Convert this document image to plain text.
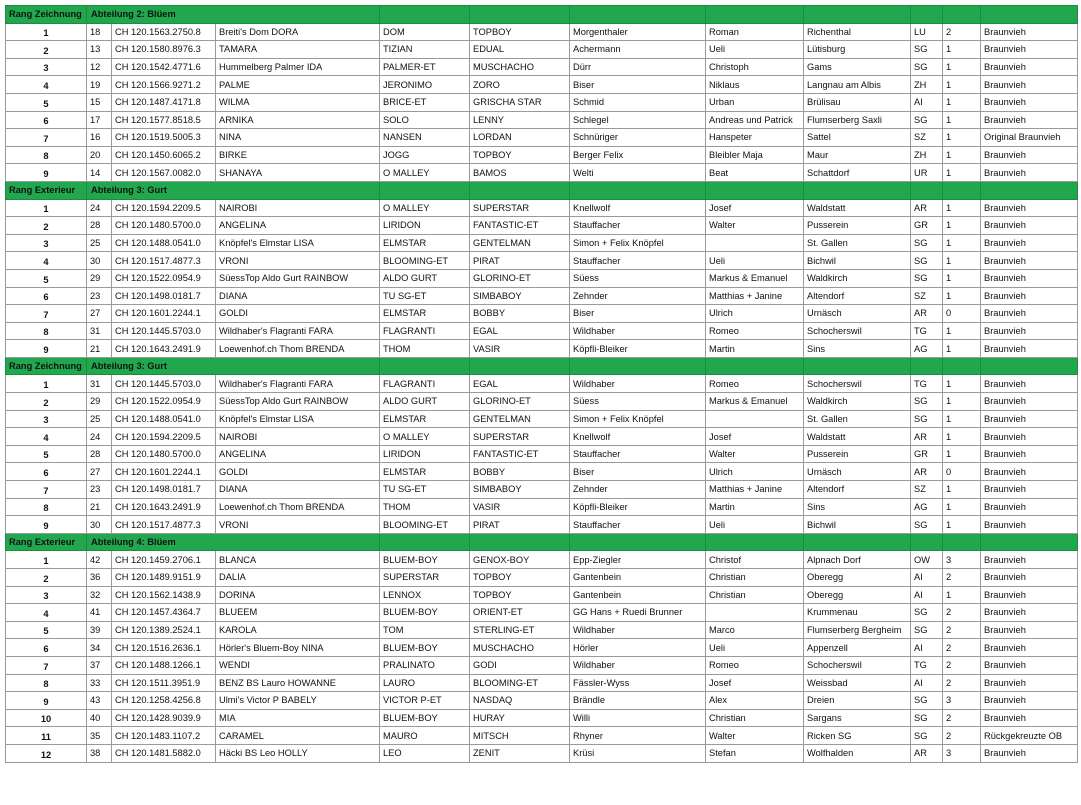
Rang Zeichnung	Abteilung 2: Blüem										
1	18	CH 120.1563.2750.8	Breiti's Dom DORA	DOM	TOPBOY	Morgenthaler	Roman	Richenthal	LU	2	Braunvieh
2	13	CH 120.1580.8976.3	TAMARA	TIZIAN	EDUAL	Achermann	Ueli	Lütisburg	SG	1	Braunvieh
3	12	CH 120.1542.4771.6	Hummelberg Palmer IDA	PALMER-ET	MUSCHACHO	Dürr	Christoph	Gams	SG	1	Braunvieh
4	19	CH 120.1566.9271.2	PALME	JERONIMO	ZORO	Biser	Niklaus	Langnau am Albis	ZH	1	Braunvieh
5	15	CH 120.1487.4171.8	WILMA	BRICE-ET	GRISCHA STAR	Schmid	Urban	Brülisau	AI	1	Braunvieh
6	17	CH 120.1577.8518.5	ARNIKA	SOLO	LENNY	Schlegel	Andreas und Patrick	Flumserberg Saxli	SG	1	Braunvieh
7	16	CH 120.1519.5005.3	NINA	NANSEN	LORDAN	Schnüriger	Hanspeter	Sattel	SZ	1	Original Braunvieh
8	20	CH 120.1450.6065.2	BIRKE	JOGG	TOPBOY	Berger Felix	Bleibler Maja	Maur	ZH	1	Braunvieh
9	14	CH 120.1567.0082.0	SHANAYA	O MALLEY	BAMOS	Welti	Beat	Schattdorf	UR	1	Braunvieh
Rang Exterieur	Abteilung 3: Gurt										
1	24	CH 120.1594.2209.5	NAIROBI	O MALLEY	SUPERSTAR	Knellwolf	Josef	Waldstatt	AR	1	Braunvieh
2	28	CH 120.1480.5700.0	ANGELINA	LIRIDON	FANTASTIC-ET	Stauffacher	Walter	Pusserein	GR	1	Braunvieh
3	25	CH 120.1488.0541.0	Knöpfel's Elmstar LISA	ELMSTAR	GENTELMAN	Simon + Felix Knöpfel		St. Gallen	SG	1	Braunvieh
4	30	CH 120.1517.4877.3	VRONI	BLOOMING-ET	PIRAT	Stauffacher	Ueli	Bichwil	SG	1	Braunvieh
5	29	CH 120.1522.0954.9	SüessTop Aldo Gurt RAINBOW	ALDO GURT	GLORINO-ET	Süess	Markus & Emanuel	Waldkirch	SG	1	Braunvieh
6	23	CH 120.1498.0181.7	DIANA	TU SG-ET	SIMBABOY	Zehnder	Matthias + Janine	Altendorf	SZ	1	Braunvieh
7	27	CH 120.1601.2244.1	GOLDI	ELMSTAR	BOBBY	Biser	Ulrich	Urnäsch	AR	0	Braunvieh
8	31	CH 120.1445.5703.0	Wildhaber's Flagranti FARA	FLAGRANTI	EGAL	Wildhaber	Romeo	Schocherswil	TG	1	Braunvieh
9	21	CH 120.1643.2491.9	Loewenhof.ch Thom BRENDA	THOM	VASIR	Köpfli-Bleiker	Martin	Sins	AG	1	Braunvieh
Rang Zeichnung	Abteilung 3: Gurt										
1	31	CH 120.1445.5703.0	Wildhaber's Flagranti FARA	FLAGRANTI	EGAL	Wildhaber	Romeo	Schocherswil	TG	1	Braunvieh
2	29	CH 120.1522.0954.9	SüessTop Aldo Gurt RAINBOW	ALDO GURT	GLORINO-ET	Süess	Markus & Emanuel	Waldkirch	SG	1	Braunvieh
3	25	CH 120.1488.0541.0	Knöpfel's Elmstar LISA	ELMSTAR	GENTELMAN	Simon + Felix Knöpfel		St. Gallen	SG	1	Braunvieh
4	24	CH 120.1594.2209.5	NAIROBI	O MALLEY	SUPERSTAR	Knellwolf	Josef	Waldstatt	AR	1	Braunvieh
5	28	CH 120.1480.5700.0	ANGELINA	LIRIDON	FANTASTIC-ET	Stauffacher	Walter	Pusserein	GR	1	Braunvieh
6	27	CH 120.1601.2244.1	GOLDI	ELMSTAR	BOBBY	Biser	Ulrich	Urnäsch	AR	0	Braunvieh
7	23	CH 120.1498.0181.7	DIANA	TU SG-ET	SIMBABOY	Zehnder	Matthias + Janine	Altendorf	SZ	1	Braunvieh
8	21	CH 120.1643.2491.9	Loewenhof.ch Thom BRENDA	THOM	VASIR	Köpfli-Bleiker	Martin	Sins	AG	1	Braunvieh
9	30	CH 120.1517.4877.3	VRONI	BLOOMING-ET	PIRAT	Stauffacher	Ueli	Bichwil	SG	1	Braunvieh
Rang Exterieur	Abteilung 4: Blüem										
1	42	CH 120.1459.2706.1	BLANCA	BLUEM-BOY	GENOX-BOY	Epp-Ziegler	Christof	Alpnach Dorf	OW	3	Braunvieh
2	36	CH 120.1489.9151.9	DALIA	SUPERSTAR	TOPBOY	Gantenbein	Christian	Oberegg	AI	2	Braunvieh
3	32	CH 120.1562.1438.9	DORINA	LENNOX	TOPBOY	Gantenbein	Christian	Oberegg	AI	1	Braunvieh
4	41	CH 120.1457.4364.7	BLUEEM	BLUEM-BOY	ORIENT-ET	GG Hans + Ruedi Brunner		Krummenau	SG	2	Braunvieh
5	39	CH 120.1389.2524.1	KAROLA	TOM	STERLING-ET	Wildhaber	Marco	Flumserberg Bergheim	SG	2	Braunvieh
6	34	CH 120.1516.2636.1	Hörler's Bluem-Boy NINA	BLUEM-BOY	MUSCHACHO	Hörler	Ueli	Appenzell	AI	2	Braunvieh
7	37	CH 120.1488.1266.1	WENDI	PRALINATO	GODI	Wildhaber	Romeo	Schocherswil	TG	2	Braunvieh
8	33	CH 120.1511.3951.9	BENZ BS Lauro HOWANNE	LAURO	BLOOMING-ET	Fässler-Wyss	Josef	Weissbad	AI	2	Braunvieh
9	43	CH 120.1258.4256.8	Ulmi's Victor P BABELY	VICTOR P-ET	NASDAQ	Brändle	Alex	Dreien	SG	3	Braunvieh
10	40	CH 120.1428.9039.9	MIA	BLUEM-BOY	HURAY	Willi	Christian	Sargans	SG	2	Braunvieh
11	35	CH 120.1483.1107.2	CARAMEL	MAURO	MITSCH	Rhyner	Walter	Ricken SG	SG	2	Rückgekreuzte OB
12	38	CH 120.1481.5882.0	Häcki BS Leo HOLLY	LEO	ZENIT	Krüsi	Stefan	Wolfhalden	AR	3	Braunvieh
